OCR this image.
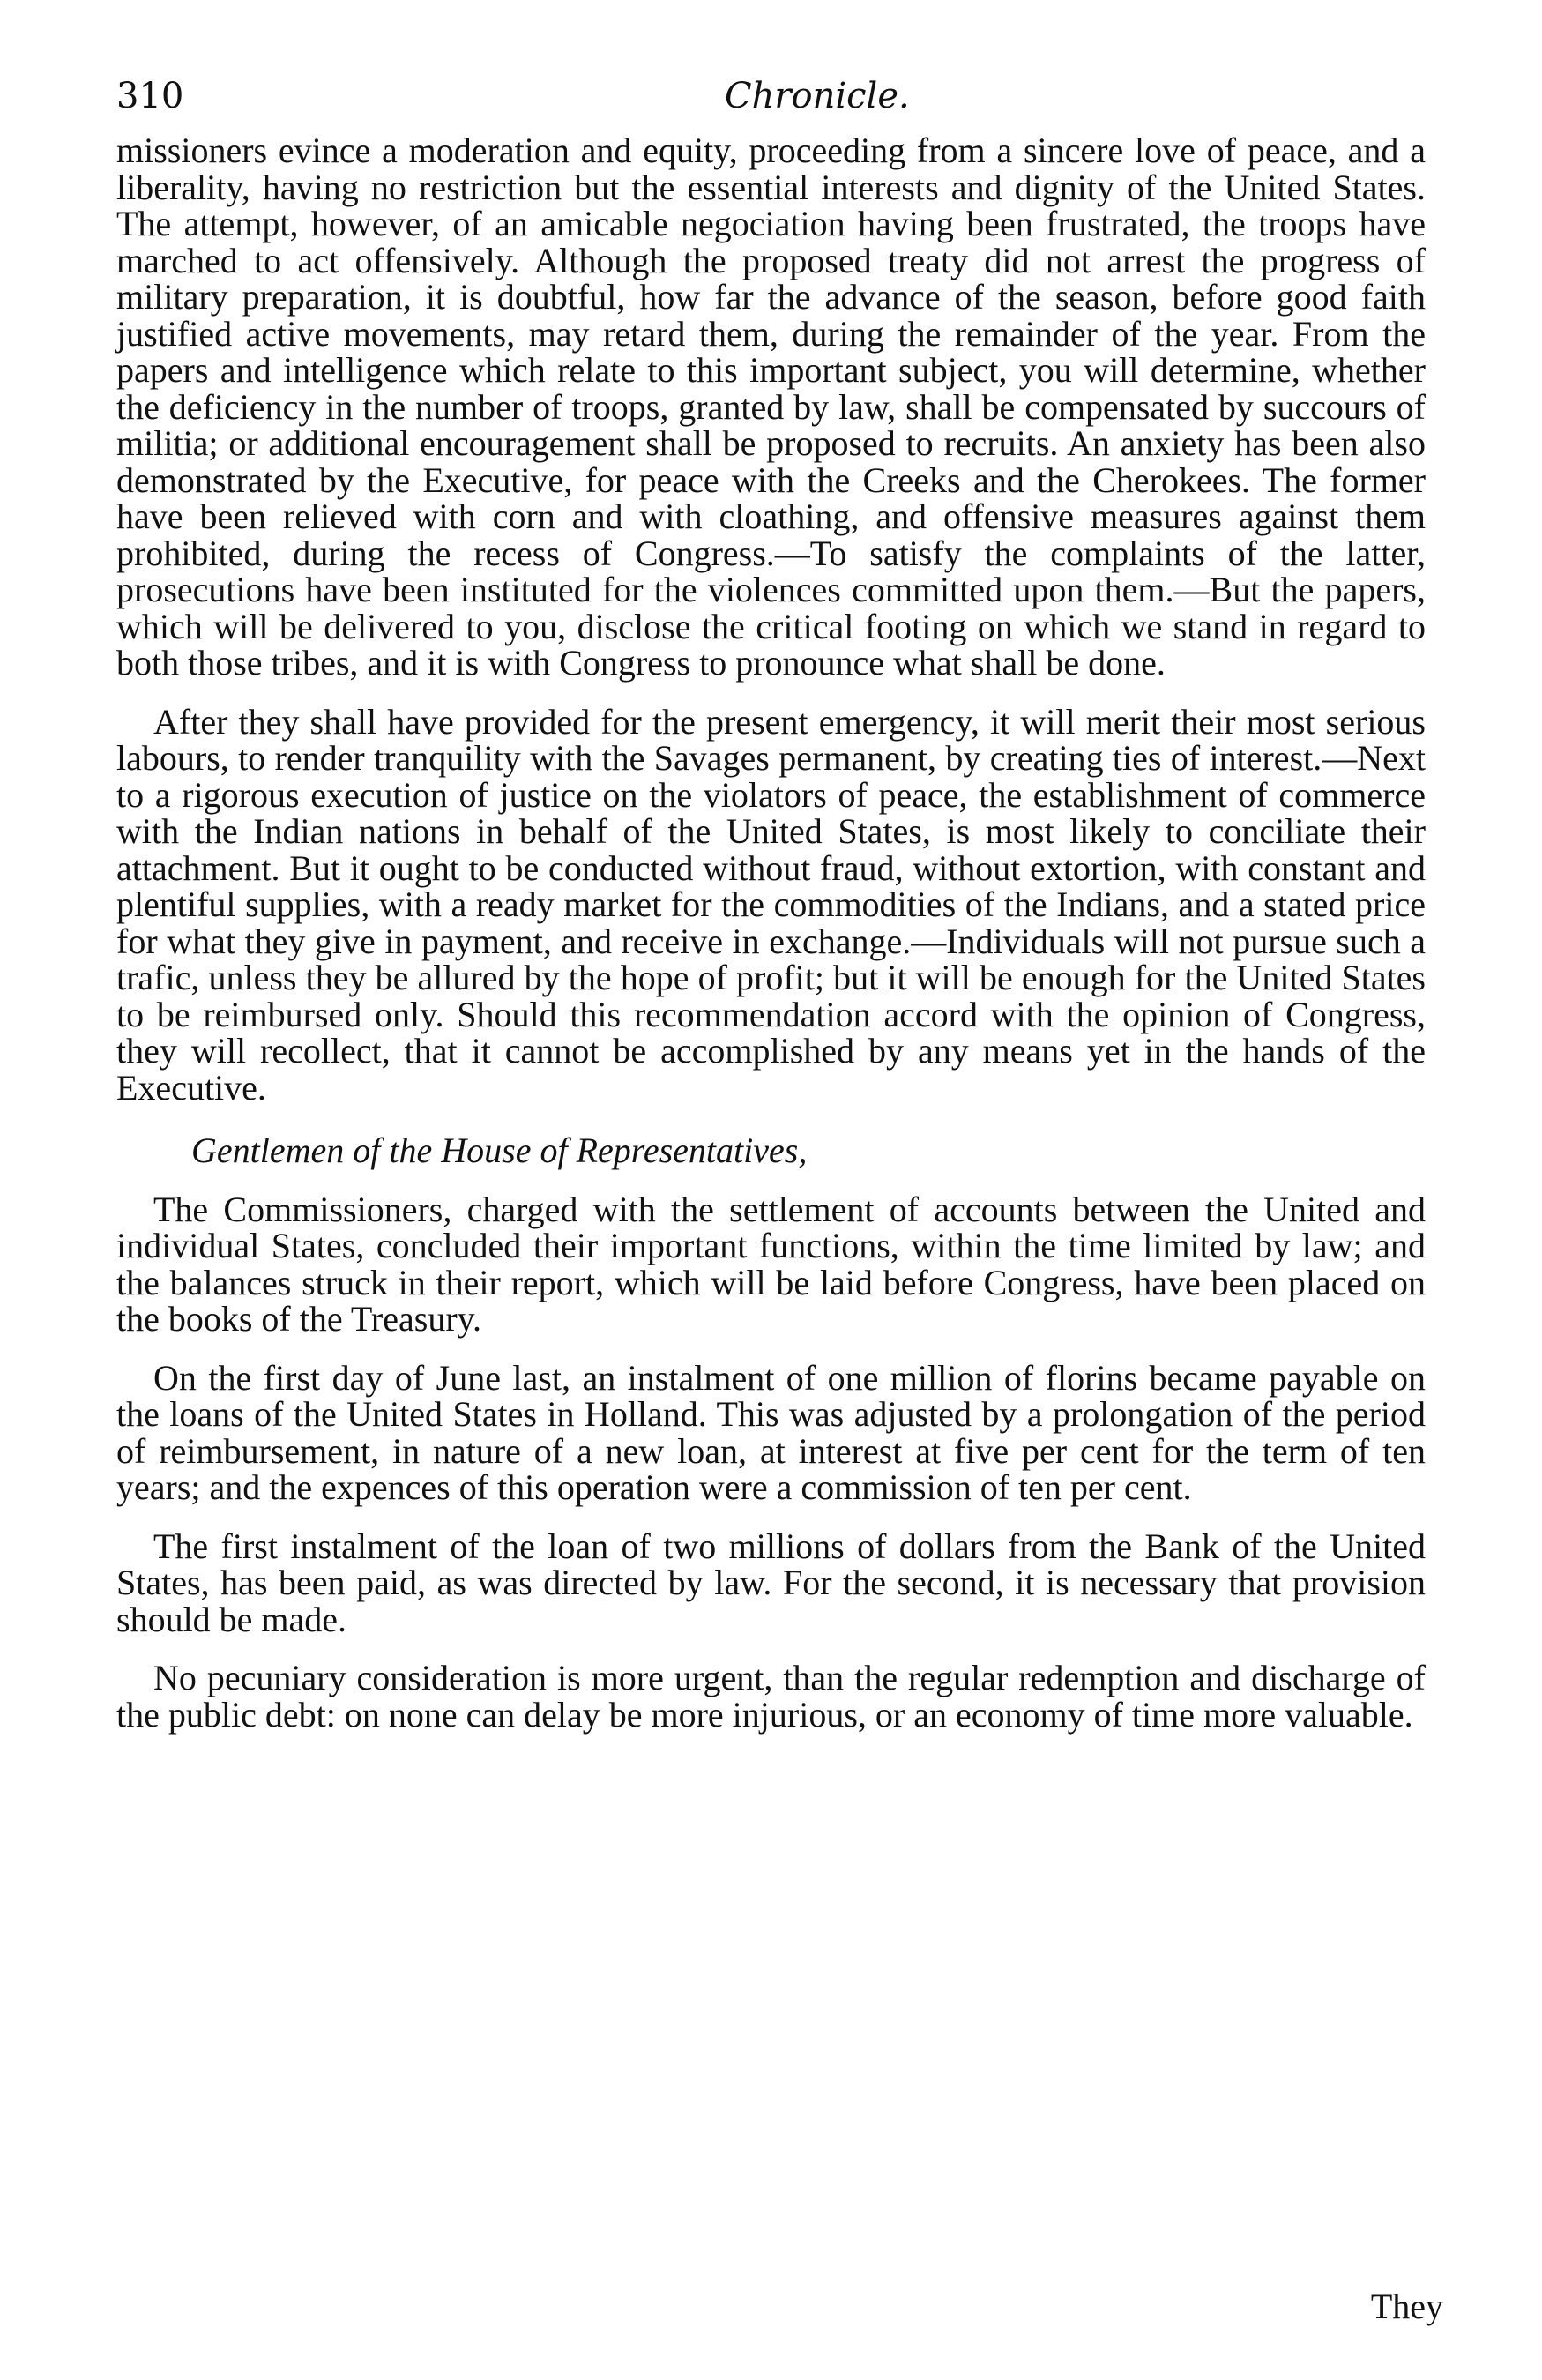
310	Chronicle.

missioners evince a moderation and equity, proceeding from a sincere love of peace, and a liberality, having no restriction but the essential interests and dignity of the United States. The attempt, however, of an amicable negociation having been frustrated, the troops have marched to act offensively. Although the proposed treaty did not arrest the progress of military preparation, it is doubtful, how far the advance of the season, before good faith justified active movements, may retard them, during the remainder of the year. From the papers and intelligence which relate to this important subject, you will determine, whether the deficiency in the number of troops, granted by law, shall be compensated by succours of militia; or additional encouragement shall be proposed to recruits. An anxiety has been also demonstrated by the Executive, for peace with the Creeks and the Cherokees. The former have been relieved with corn and with cloathing, and offensive measures against them prohibited, during the recess of Congress.—To satisfy the complaints of the latter, prosecutions have been instituted for the violences committed upon them.—But the papers, which will be delivered to you, disclose the critical footing on which we stand in regard to both those tribes, and it is with Congress to pronounce what shall be done.

After they shall have provided for the present emergency, it will merit their most serious labours, to render tranquility with the Savages permanent, by creating ties of interest.—Next to a rigorous execution of justice on the violators of peace, the establishment of commerce with the Indian nations in behalf of the United States, is most likely to conciliate their attachment. But it ought to be conducted without fraud, without extortion, with constant and plentiful supplies, with a ready market for the commodities of the Indians, and a stated price for what they give in payment, and receive in exchange.—Individuals will not pursue such a trafic, unless they be allured by the hope of profit; but it will be enough for the United States to be reimbursed only. Should this recommendation accord with the opinion of Congress, they will recollect, that it cannot be accomplished by any means yet in the hands of the Executive.

Gentlemen of the House of Representatives,

The Commissioners, charged with the settlement of accounts between the United and individual States, concluded their important functions, within the time limited by law; and the balances struck in their report, which will be laid before Congress, have been placed on the books of the Treasury.

On the first day of June last, an instalment of one million of florins became payable on the loans of the United States in Holland. This was adjusted by a prolongation of the period of reimbursement, in nature of a new loan, at interest at five per cent for the term of ten years; and the expences of this operation were a commission of ten per cent.

The first instalment of the loan of two millions of dollars from the Bank of the United States, has been paid, as was directed by law. For the second, it is necessary that provision should be made.

No pecuniary consideration is more urgent, than the regular redemption and discharge of the public debt: on none can delay be more injurious, or an economy of time more valuable.

They
